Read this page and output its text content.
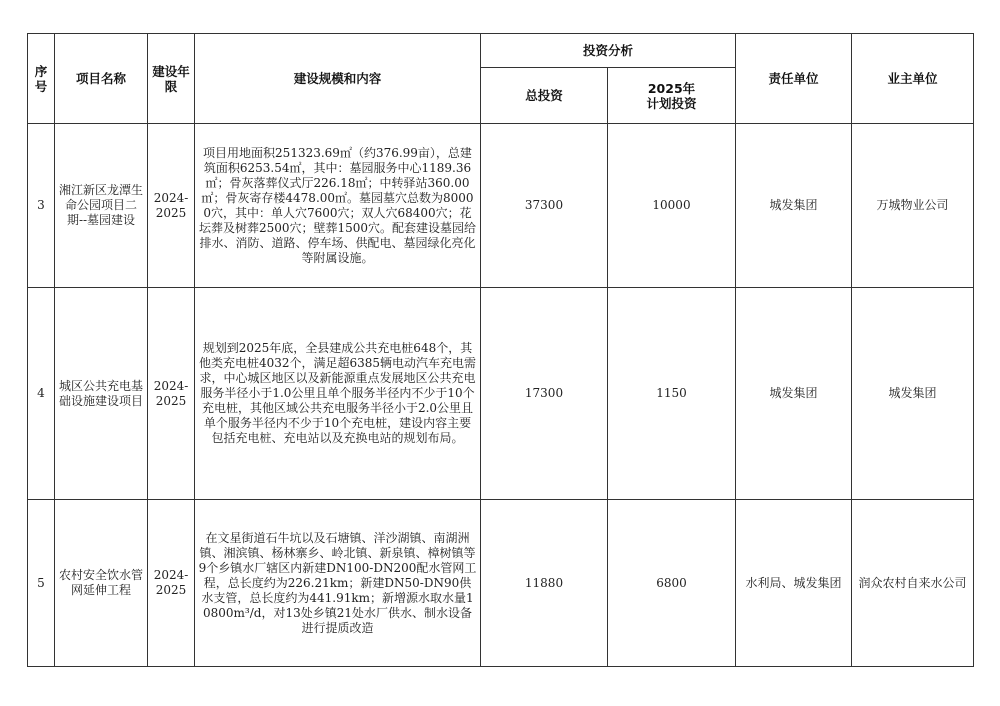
序号	项目名称	建设年限	建设规模和内容	投资分析		责任单位	业主单位
				总投资	2025年
计划投资		
3	湘江新区龙潭生命公园项目二期--墓园建设	2024-2025	项目用地面积251323.69㎡（约376.99亩），总建筑面积6253.54㎡，其中：墓园服务中心1189.36㎡；骨灰落葬仪式厅226.18㎡；中转驿站360.00㎡；骨灰寄存楼4478.00㎡。墓园墓穴总数为80000穴，其中：单人穴7600穴；双人穴68400穴；花坛葬及树葬2500穴；壁葬1500穴。配套建设墓园给排水、消防、道路、停车场、供配电、墓园绿化亮化等附属设施。	37300	10000	城发集团	万城物业公司
4	城区公共充电基础设施建设项目	2024-2025	规划到2025年底，全县建成公共充电桩648个，其他类充电桩4032个，满足超6385辆电动汽车充电需求，中心城区地区以及新能源重点发展地区公共充电服务半径小于1.0公里且单个服务半径内不少于10个充电桩，其他区域公共充电服务半径小于2.0公里且单个服务半径内不少于10个充电桩，建设内容主要包括充电桩、充电站以及充换电站的规划布局。	17300	1150	城发集团	城发集团
5	农村安全饮水管网延伸工程	2024-2025	在文星街道石牛坑以及石塘镇、洋沙湖镇、南湖洲镇、湘滨镇、杨林寨乡、岭北镇、新泉镇、樟树镇等9个乡镇水厂辖区内新建DN100-DN200配水管网工程，总长度约为226.21km；新建DN50-DN90供水支管，总长度约为441.91km；新增源水取水量10800m³/d，对13处乡镇21处水厂供水、制水设备进行提质改造	11880	6800	水利局、城发集团	润众农村自来水公司
